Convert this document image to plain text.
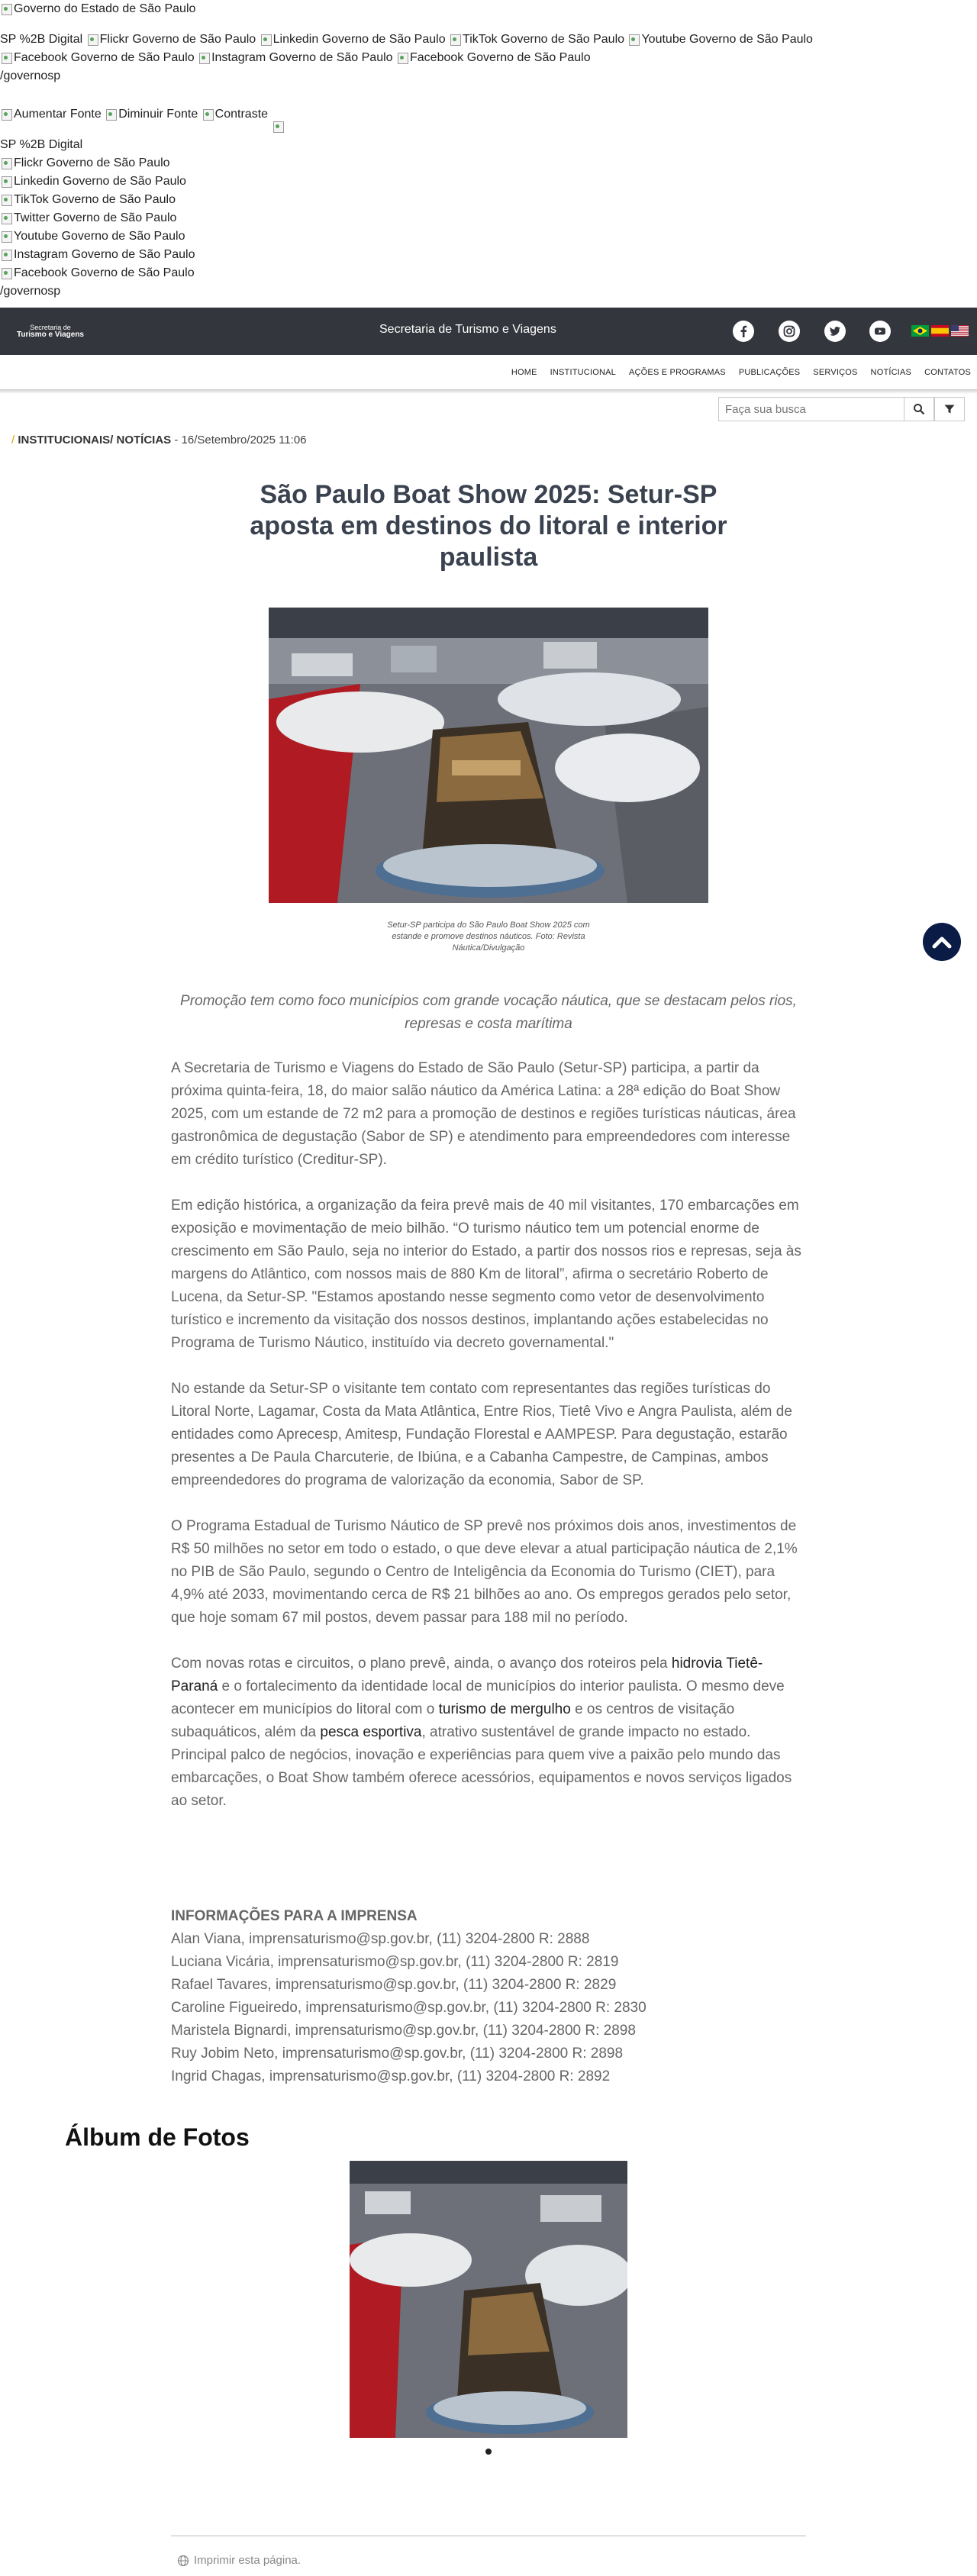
Governo do Estado de São Paulo
SP %2B Digital Flickr Governo de São Paulo Linkedin Governo de São Paulo TikTok Governo de São Paulo Youtube Governo de São Paulo
Facebook Governo de São Paulo Instagram Governo de São Paulo Facebook Governo de São Paulo
/governosp
Aumentar Fonte Diminuir Fonte Contraste
SP %2B Digital
Flickr Governo de São Paulo
Linkedin Governo de São Paulo
TikTok Governo de São Paulo
Twitter Governo de São Paulo
Youtube Governo de São Paulo
Instagram Governo de São Paulo
Facebook Governo de São Paulo
/governosp
Secretaria de
Turismo e Viagens	Secretaria de Turismo e Viagens
HOME INSTITUCIONAL AÇÕES E PROGRAMAS PUBLICAÇÕES SERVIÇOS NOTÍCIAS CONTATOS
Faça sua busca
/ INSTITUCIONAIS/ NOTÍCIAS - 16/Setembro/2025 11:06
São Paulo Boat Show 2025: Setur-SP aposta em destinos do litoral e interior paulista
Setur-SP participa do São Paulo Boat Show 2025 com estande e promove destinos náuticos. Foto: Revista Náutica/Divulgação
Promoção tem como foco municípios com grande vocação náutica, que se destacam pelos rios, represas e costa marítima

A Secretaria de Turismo e Viagens do Estado de São Paulo (Setur-SP) participa, a partir da próxima quinta-feira, 18, do maior salão náutico da América Latina: a 28ª edição do Boat Show 2025, com um estande de 72 m2 para a promoção de destinos e regiões turísticas náuticas, área gastronômica de degustação (Sabor de SP) e atendimento para empreendedores com interesse em crédito turístico (Creditur-SP).

Em edição histórica, a organização da feira prevê mais de 40 mil visitantes, 170 embarcações em exposição e movimentação de meio bilhão. “O turismo náutico tem um potencial enorme de crescimento em São Paulo, seja no interior do Estado, a partir dos nossos rios e represas, seja às margens do Atlântico, com nossos mais de 880 Km de litoral”, afirma o secretário Roberto de Lucena, da Setur-SP. "Estamos apostando nesse segmento como vetor de desenvolvimento turístico e incremento da visitação dos nossos destinos, implantando ações estabelecidas no Programa de Turismo Náutico, instituído via decreto governamental."

No estande da Setur-SP o visitante tem contato com representantes das regiões turísticas do Litoral Norte, Lagamar, Costa da Mata Atlântica, Entre Rios, Tietê Vivo e Angra Paulista, além de entidades como Aprecesp, Amitesp, Fundação Florestal e AAMPESP. Para degustação, estarão presentes a De Paula Charcuterie, de Ibiúna, e a Cabanha Campestre, de Campinas, ambos empreendedores do programa de valorização da economia, Sabor de SP.

O Programa Estadual de Turismo Náutico de SP prevê nos próximos dois anos, investimentos de R$ 50 milhões no setor em todo o estado, o que deve elevar a atual participação náutica de 2,1% no PIB de São Paulo, segundo o Centro de Inteligência da Economia do Turismo (CIET), para 4,9% até 2033, movimentando cerca de R$ 21 bilhões ao ano. Os empregos gerados pelo setor, que hoje somam 67 mil postos, devem passar para 188 mil no período.

Com novas rotas e circuitos, o plano prevê, ainda, o avanço dos roteiros pela hidrovia Tietê-Paraná e o fortalecimento da identidade local de municípios do interior paulista. O mesmo deve acontecer em municípios do litoral com o turismo de mergulho e os centros de visitação subaquáticos, além da pesca esportiva, atrativo sustentável de grande impacto no estado. Principal palco de negócios, inovação e experiências para quem vive a paixão pelo mundo das embarcações, o Boat Show também oferece acessórios, equipamentos e novos serviços ligados ao setor.

INFORMAÇÕES PARA A IMPRENSA
Alan Viana, imprensaturismo@sp.gov.br, (11) 3204-2800 R: 2888
Luciana Vicária, imprensaturismo@sp.gov.br, (11) 3204-2800 R: 2819
Rafael Tavares, imprensaturismo@sp.gov.br, (11) 3204-2800 R: 2829
Caroline Figueiredo, imprensaturismo@sp.gov.br, (11) 3204-2800 R: 2830
Maristela Bignardi, imprensaturismo@sp.gov.br, (11) 3204-2800 R: 2898
Ruy Jobim Neto, imprensaturismo@sp.gov.br, (11) 3204-2800 R: 2898
Ingrid Chagas, imprensaturismo@sp.gov.br, (11) 3204-2800 R: 2892
Álbum de Fotos
Imprimir esta página.
